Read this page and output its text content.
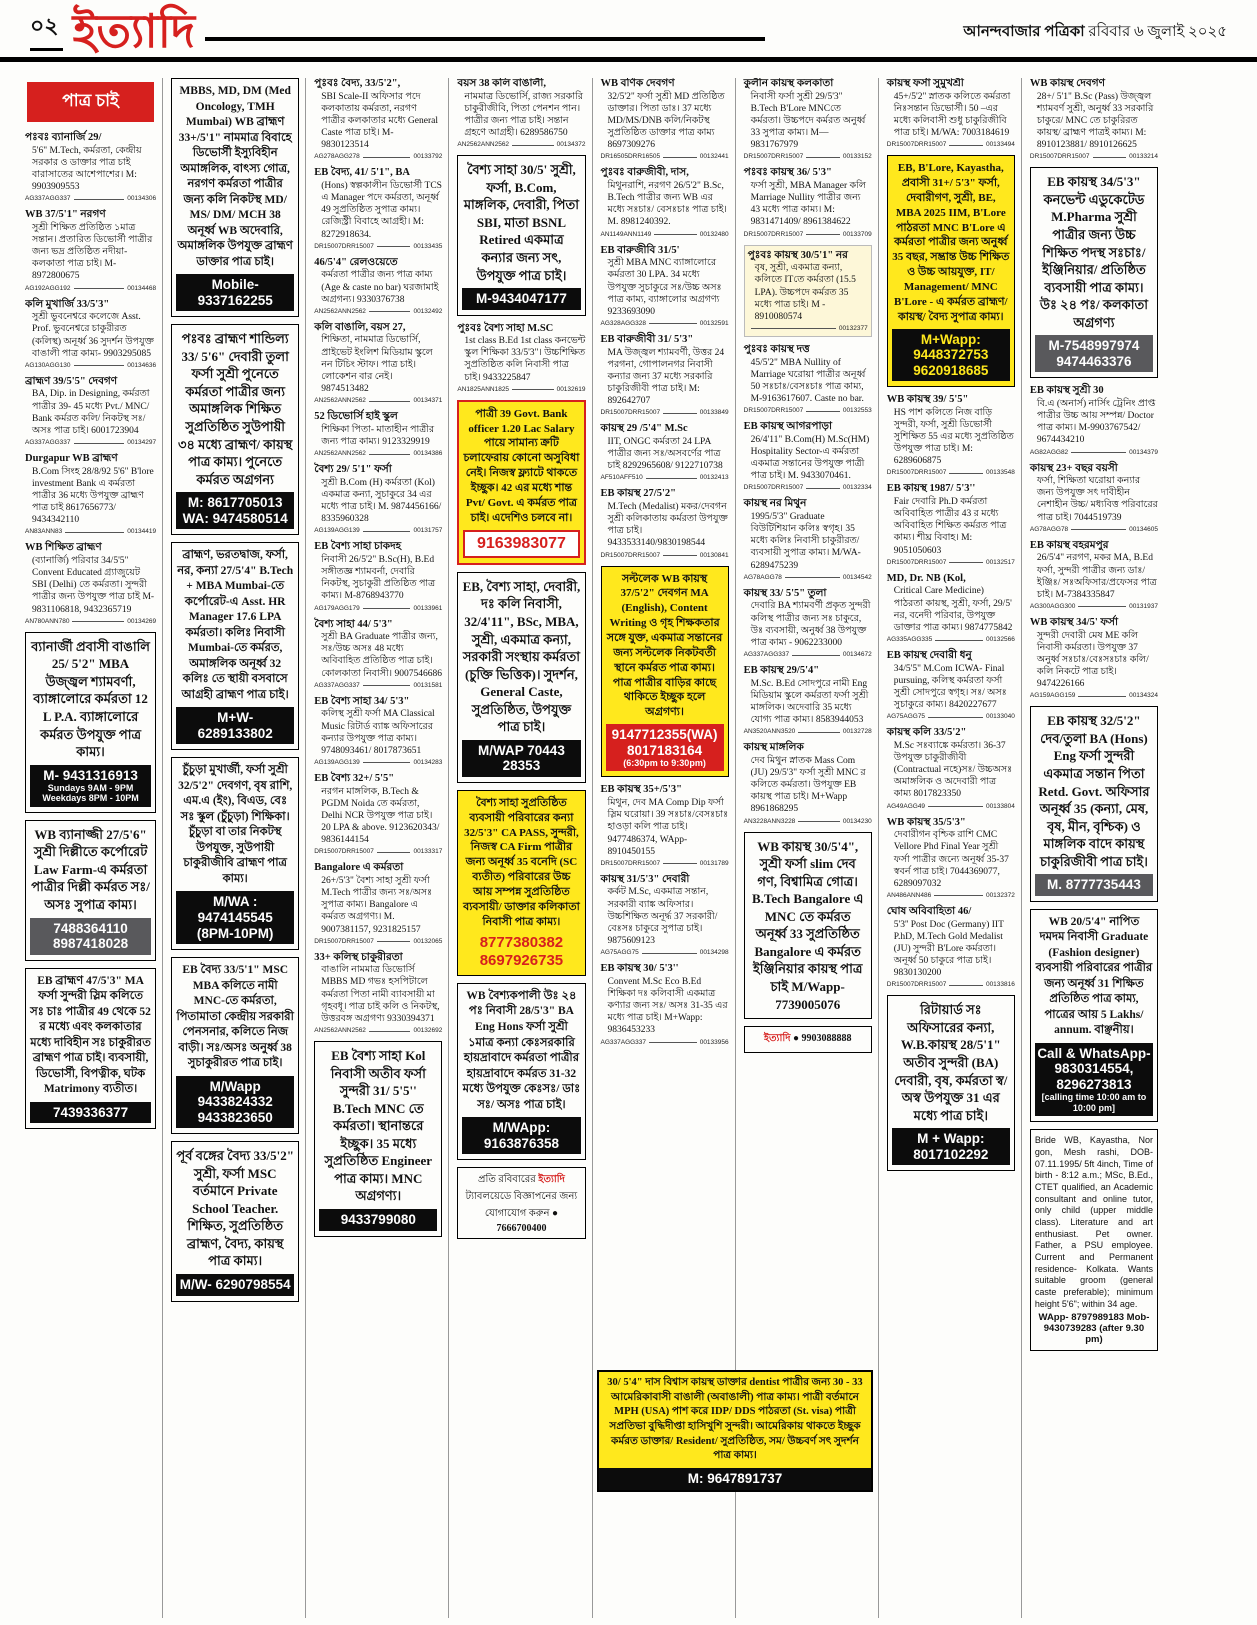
০২ ইত্যাদি	আনন্দবাজার পত্রিকা রবিবার ৬ জুলাই ২০২৫
পাত্র চাই
পঃবঃ ব্যানার্জি 29/
5'6" M.Tech, কর্মরতা, কেন্দ্রীয় সরকার ও ডাক্তার পাত্র চাই বারাসাতের আশেপাশের। M: 9903909553
AG337AGG337	00134306
WB 37/5'1" নরগণ
সুশ্রী শিক্ষিত প্রতিষ্ঠিত ১মাত্র সন্তান। প্রতারিত ডিভোর্সী পাত্রীর জন্য ভদ্র প্রতিষ্ঠিত নদীয়া-কলকাতা পাত্র চাই। M- 8972800675
AG192AGG192	00134468
কলি মুখার্জি 33/5'3"
সুশ্রী ভুবনেশ্বরে কলেজে Asst. Prof. ভুবনেশ্বরে চাকুরীরত (কলিস্থ) অনূর্ধ্ব 36 সুদর্শন উপযুক্ত বাঙালী পাত্র কাম্য- 9903295085
AG130AGG130	00134636
ব্রাহ্মণ 39/5'5" দেবগণ
BA, Dip. in Designing, কর্মরতা পাত্রীর 39- 45 মধ্যে Pvt./ MNC/ Bank কর্মরত কলি/ নিকটস্থ সঃ/ অসঃ পাত্র চাই। 6001723904
AG337AGG337	00134297
Durgapur WB ব্রাহ্মণ
B.Com সিংহ 28/8/92 5'6" B'lore investment Bank এ কর্মরতা পাত্রীর 36 মধ্যে উপযুক্ত ব্রাহ্মণ পাত্র চাই 8617656773/ 9434342110
AN83ANN83	00134419
WB শিক্ষিত ব্রাহ্মণ
(ব্যানার্জি) পরিবার 34/5'5" Convent Educated গ্র্যাজুয়েট SBI (Delhi) তে কর্মরতা। সুন্দরী পাত্রীর জন্য উপযুক্ত পাত্র চাই M-9831106818, 9432365719
AN780ANN780	00134269
ব্যানার্জী প্রবাসী বাঙালি 25/ 5'2" MBA উজ্জ্বল শ্যামবর্ণা, ব্যাঙ্গালোরে কর্মরতা 12 L P.A. ব্যাঙ্গালোরে কর্মরত উপযুক্ত পাত্র কাম্য।
M- 9431316913
Sundays 9AM - 9PM Weekdays 8PM - 10PM
WB ব্যানাজ্জী 27/5'6" সুশ্রী দিল্লীতে কর্পোরেট Law Farm-এ কর্মরতা পাত্রীর দিল্লী কর্মরত সঃ/অসঃ সুপাত্র কাম্য।
7488364110 8987418028
EB ব্রাহ্মণ 47/5'3" MA ফর্সা সুন্দরী স্লিম কলিতে সঃ চাঃ পাত্রীর 49 থেকে 52 র মধ্যে এবং কলকাতার মধ্যে দাবিহীন সঃ চাকুরীরত ব্রাহ্মণ পাত্র চাই। ব্যবসায়ী, ডিভোর্সী, বিপত্নীক, ঘটক Matrimony ব্যতীত।
7439336377
MBBS, MD, DM (Med Oncology, TMH Mumbai) WB ব্রাহ্মণ 33+/5'1" নামমাত্র বিবাহে ডিভোর্সী ইস্যুবিহীন অমাঙ্গলিক, বাৎস্য গোত্র, নরগণ কর্মরতা পাত্রীর জন্য কলি নিকটস্থ MD/ MS/ DM/ MCH 38 অনূর্ধ্ব WB অদেবারি, অমাঙ্গলিক উপযুক্ত ব্রাহ্মণ ডাক্তার পাত্র চাই।
Mobile- 9337162255
পঃবঃ ব্রাহ্মণ শান্ডিল্য 33/ 5'6" দেবারী তুলা ফর্সা সুশ্রী পুনেতে কর্মরতা পাত্রীর জন্য অমাঙ্গলিক শিক্ষিত সুপ্রতিষ্ঠিত সুউপায়ী ৩৪ মধ্যে ব্রাহ্মণ/ কায়স্থ পাত্র কাম্য। পুনেতে কর্মরত অগ্রগন্য
M: 8617705013 WA: 9474580514
ব্রাহ্মণ, ভরতদ্বাজ, ফর্সা, নর, কন্যা 27/5'4" B.Tech + MBA Mumbai-তে কর্পোরেট-এ Asst. HR Manager 17.6 LPA কর্মরতা। কলিঃ নিবাসী Mumbai-তে কর্মরত, অমাঙ্গলিক অনূর্ধ্ব 32 কলিঃ তে স্থায়ী বসবাসে আগ্রহী ব্রাহ্মণ পাত্র চাই।
M+W- 6289133802
চুঁচুড়া মুখার্জী, ফর্সা সুশ্রী 32/5'2" দেবগণ, বৃষ রাশি, এম.এ (ইং), বিএড, বেঃ সঃ স্কুল (চুঁচুড়া) শিক্ষিকা। চুঁচুড়া বা তার নিকটস্থ উপযুক্ত, সুউপায়ী চাকুরীজীবি ব্রাহ্মণ পাত্র কাম্য।
M/WA : 9474145545 (8PM-10PM)
EB বৈদ্য 33/5'1" MSC MBA কলিতে নামী MNC-তে কর্মরতা, পিতামাতা কেন্দ্রীয় সরকারী পেনসনার, কলিতে নিজ বাড়ী। সঃ/অসঃ অনুর্ধ্ব 38 সুচাকুরীরত পাত্র চাই।
M/Wapp 9433824332 9433823650
পূর্ব বঙ্গের বৈদ্য 33/5'2" সুশ্রী, ফর্সা MSC বর্তমানে Private School Teacher. শিক্ষিত, সুপ্রতিষ্ঠিত ব্রাহ্মণ, বৈদ্য, কায়স্থ পাত্র কাম্য।
M/W- 6290798554
পুঃবঃ বৈদ্য, 33/5'2",
SBI Scale-II অফিসার পদে কলকাতায় কর্মরতা, নরগণ পাত্রীর কলকাতার মধ্যে General Caste পাত্র চাই। M- 9830123514
AG278AGG278	00133792
EB বৈদ্য, 41/ 5'1", BA
(Hons) স্বল্পকালীন ডিভোর্সী TCS এ Manager পদে কর্মরতা, অনূর্ধ্ব 49 সুপ্রতিষ্ঠিত সুপাত্র কাম্য। রেজিস্ট্রী বিবাহে আগ্রহী। M: 8272918634.
DR15007DRR15007	00133435
46/5'4" রেলওয়েতে
কর্মরতা পাত্রীর জন্য পাত্র কাম্য (Age & caste no bar) ঘরজামাই অগ্রগন্য। 9330376738
AN2562ANN2562	00132492
কলি বাঙালি, বয়স 27,
শিক্ষিতা, নামমাত্র ডিভোর্সি, প্রাইভেট ইংলিশ মিডিয়াম স্কুলে নন টিচিং স্টাফ। পাত্র চাই। লোকেশন বার নেই। 9874513482
AN2562ANN2562	00134371
52 ডিভোর্সি হাই স্কুল
শিক্ষিকা পিতা- মাতাহীন পাত্রীর জন্য পাত্র কাম্য। 9123329919
AN2562ANN2562	00134386
বৈশ্য 29/ 5'1" ফর্সা
সুশ্রী B.Com (H) কর্মরতা (Kol) একমাত্র কন্যা, সুচাকুরে 34 এর মধ্যে পাত্র চাই। M. 9874456166/ 8335960328
AG139AGG139	00131757
EB বৈশ্য সাহা চাকদহ
নিবাসী 26/5'2" B.Sc(H), B.Ed সঙ্গীতজ্ঞ শ্যামবর্না, দেবারি নিকটস্থ, সুচাকুরী প্রতিষ্ঠিত পাত্র কাম্য। M-8768943770
AG179AGG179	00133961
বৈশ্য সাহা 44/ 5'3"
সুশ্রী BA Graduate পাত্রীর জন্য, সঃ/উচ্চ অসঃ 48 মধ্যে অবিবাহিত প্রতিষ্ঠিত পাত্র চাই। কোলকাতা নিবাসী। 9007546686
AG337AGG337	00131581
EB বৈশ্য সাহা 34/ 5'3"
কলিস্থ সুশ্রী ফর্সা MA Classical Music রিটার্ড ব্যাঙ্ক অফিসারের কন্যার উপযুক্ত পাত্র কাম্য। 9748093461/ 8017873651
AG139AGG139	00134283
EB বৈশ্য 32+/ 5'5"
নরগন মাঙ্গলিক, B.Tech & PGDM Noida তে কর্মরতা, Delhi NCR উপযুক্ত পাত্র চাই। 20 LPA & above. 9123620343/ 9836144154
DR15007DRR15007	00133317
Bangalore এ কর্মরতা
26+/5'3" বৈশ্য সাহা সুশ্রী ফর্সা M.Tech পাত্রীর জন্য সঃ/অসঃ সুপাত্র কাম্য। Bangalore এ কর্মরত অগ্রগণ্য। M. 9007381157, 9231825157
DR15007DRR15007	00132065
33+ কলিস্থ চাকুরীরতা
বাঙালি নামমাত্র ডিভোর্সি MBBS MD গভঃ হসপিটালে কর্মরতা পিতা নামী ব্যাবসায়ী মা গৃহবধূ। পাত্র চাই কলি ও নিকটস্থ, উত্তরবঙ্গ অগ্রগণ্য 9330394371
AN2562ANN2562	00132692
EB বৈশ্য সাহা Kol নিবাসী অতীব ফর্সা সুন্দরী 31/ 5'5'' B.Tech MNC তে কর্মরতা। স্থানান্তরে ইচ্ছুক। 35 মধ্যে সুপ্রতিষ্ঠিত Engineer পাত্র কাম্য। MNC অগ্রগণ্য।
9433799080
বয়স 38 কলি বাঙালী,
নামমাত্র ডিভোর্সি, রাজ্য সরকারি চাকুরীজীবি, পিতা পেনশন পান। পাত্রীর জন্য পাত্র চাই। সন্তান গ্রহণে আগ্রহী। 6289586750
AN2562ANN2562	00134372
বৈশ্য সাহা 30/5' সুশ্রী, ফর্সা, B.Com, মাঙ্গলিক, দেবারী, পিতা SBI, মাতা BSNL Retired একমাত্র কন্যার জন্য সৎ, উপযুক্ত পাত্র চাই।
M-9434047177
পুঃবঃ বৈশ্য সাহা M.SC
1st class B.Ed 1st class কনভেন্ট স্কুল শিক্ষিকা 33/5'3"। উচ্চশিক্ষিত সুপ্রতিষ্ঠিত কলি নিবাসী পাত্র চাই। 9433225847
AN1825ANN1825	00132619
পাত্রী 39 Govt. Bank officer 1.20 Lac Salary পায়ে সামান্য ক্রটি চলাফেরায় কোনো অসুবিধা নেই। নিজস্ব ফ্ল্যাটে থাকতে ইচ্ছুক। 42 এর মধ্যে শান্ত Pvt/ Govt. এ কর্মরত পাত্র চাই। এদেশিও চলবে না।
9163983077
EB, বৈশ্য সাহা, দেবারী, দঃ কলি নিবাসী, 32/4'11", BSc, MBA, সুশ্রী, একমাত্র কন্যা, সরকারী সংস্থায় কর্মরতা (চুক্তি ভিত্তিক)। সুদর্শন, General Caste, সুপ্রতিষ্ঠিত, উপযুক্ত পাত্র চাই।
M/WAP 70443 28353
বৈশ্য সাহা সুপ্রতিষ্ঠিত ব্যবসায়ী পরিবারের কন্যা 32/5'3" CA PASS, সুন্দরী, নিজস্ব CA Firm পাত্রীর জন্য অনূর্ধ্ব 35 বনেদি (SC ব্যতীত) পরিবারের উচ্চ আয় সম্পন্ন সুপ্রতিষ্ঠিত ব্যবসায়ী/ ডাক্তার কলিকাতা নিবাসী পাত্র কাম্য।
8777380382 8697926735
WB বৈশ্যকপালী উঃ ২৪ পঃ নিবাসী 28/5'3" BA Eng Hons ফর্সা সুশ্রী ১মাত্র কন্যা কেঃসরকারি হায়দ্রাবাদে কর্মরতা পাত্রীর হায়দ্রাবাদে কর্মরত 31-32 মধ্যে উপযুক্ত কেঃসঃ/ ডাঃ সঃ/ অসঃ পাত্র চাই।
M/WApp: 9163876358
প্রতি রবিবারের ইত্যাদি ট্যাবলয়েডে বিজ্ঞাপনের জন্য যোগাযোগ করুন ● 7666700400
WB বণিক দেবগণ
32/5'2" ফর্সা সুশ্রী MD প্রতিষ্ঠিত ডাক্তার। পিতা ডাঃ। 37 মধ্যে MD/MS/DNB কলি/নিকটস্থ সুপ্রতিষ্ঠিত ডাক্তার পাত্র কাম্য 8697309276
DR16505DRR16505	00132441
পুঃবঃ বারুজীবী, দাস,
মিথুনরাশি, নরগণ 26/5'2" B.Sc, B.Tech পাত্রীর জন্য WB এর মধ্যে সঃচাঃ/ বেসঃচাঃ পাত্র চাই। M. 8981240392.
AN1149ANN1149	00132480
EB বারুজীবি 31/5'
সুশ্রী MBA MNC ব্যাঙ্গালোরে কর্মরতা 30 LPA. 34 মধ্যে উপযুক্ত সুচাকুরে সঃ/উচ্চ অসঃ পাত্র কাম্য, ব্যাঙ্গালোর অগ্রগণ্য 9233693090
AG328AGG328	00132591
EB বারুজীবী 31/ 5'3"
MA উজ্জ্বল শ্যামবর্ণী, উত্তর 24 পরগনা, গোপালনগর নিবাসী কন্যার জন্য 37 মধ্যে সরকারি চাকুরিজীবী পাত্র চাই। M: 892642707
DR15007DRR15007	00133849
কায়স্থ 29 /5'4" M.Sc
IIT, ONGC কর্মরতা 24 LPA পাত্রীর জন্য সঃ/অসবর্ণের পাত্র চাই 8292965608/ 9122710738
AF510AFF510	00132413
EB কায়স্থ 27/5'2"
M.Tech (Medalist) মকর/দেবগন সুশ্রী কলিকাতায় কর্মরতা উপযুক্ত পাত্র চাই। 9433533140/9830198544
DR15007DRR15007	00130841
সল্টলেক WB কায়স্থ 37/5'2" দেবগন MA (English), Content Writing ও গৃহ শিক্ষকতার সঙ্গে যুক্ত, একমাত্র সন্তানের জন্য সল্টলেক নিকটবর্তী স্থানে কর্মরত পাত্র কাম্য। পাত্র পাত্রীর বাড়ির কাছে থাকিতে ইচ্ছুক হলে অগ্রগণ্য।
9147712355(WA) 8017183164
(6:30pm to 9:30pm)
EB কায়স্থ 35+/5'3"
মিথুন, দেব MA Comp Dip ফর্সা স্লিম ঘরোয়া। 39 সঃচাঃ/বেসঃচাঃ হাওড়া কলি পাত্র চাই। 9477486374, WApp- 8910450155
DR15007DRR15007	00131789
কায়স্থ 31/5'3" দেবারী
কর্কট M.Sc, একমাত্র সন্তান, সরকারী ব্যাঙ্ক অফিসার। উচ্চশিক্ষিত অনূর্দ্ধ 37 সরকারী/ বেঃসঃ চাকুরে সুপাত্র চাই। 9875609123
AG75AGG75	00134298
EB কায়স্থ 30/ 5'3''
Convent M.Sc Eco B.Ed শিক্ষিকা দঃ কলিবাসী একমাত্র কণ্যার জন্য সঃ/ অসঃ 31-35 এর মধ্যে পাত্র চাই। M+Wapp: 9836453233
AG337AGG337	00133956
কুলীন কায়স্থ কলকাতা
নিবাসী ফর্সা সুশ্রী 29/5'3" B.Tech B'Lore MNCতে কর্মরতা। উচ্চপদে কর্মরত অনুর্ধ্ব 33 সুপাত্র কাম্য। M—9831767979
DR15007DRR15007	00133152
পঃবঃ কায়স্থ 36/ 5'3"
ফর্সা সুশ্রী, MBA Manager কলি Marriage Nullity পাত্রীর জন্য 43 মধ্যে পাত্র কাম্য। M: 9831471409/ 8961384622
DR15007DRR15007	00133709
পুঃবঃ কায়স্থ 30/5'1" নর
বৃষ, সুশ্রী, একমাত্র কন্যা, কলিতে ITতে কর্মরতা (15.5 LPA). উচ্চপদে কর্মরত 35 মধ্যে পাত্র চাই। M - 8910080574
00132377
পুঃবঃ কায়স্থ দত্ত
45/5'2" MBA Nullity of Marriage ঘরোয়া পাত্রীর অনূর্ধ্ব 50 সঃচাঃ/বেসঃচাঃ পাত্র কাম্য, M-9163617607. Caste no bar.
DR15007DRR15007	00132553
EB কায়স্থ আগরপাড়া
26/4'11" B.Com(H) M.Sc(HM) Hospitality Sector-এ কর্মরতা একমাত্র সন্তানের উপযুক্ত পাত্রী পাত্র চাই। M. 9433070461.
DR15007DRR15007	00132334
কায়স্থ নর মিথুন
1995/5'3" Graduate বিউটিশিয়ান কলিঃ স্বগৃহ। 35 মধ্যে কলিঃ নিবাসী চাকুরীরত/ ব্যবসায়ী সুপাত্র কাম্য। M/WA-6289475239
AG78AGG78	00134542
কায়স্থ 33/ 5'5" তুলা
দেবারি BA শ্যামবর্ণী প্রকৃত সুন্দরী কলিস্থ পাত্রীর জন্য সঃ চাকুরে, উঃ ব্যবসায়ী, অনুর্ধ্ব 38 উপযুক্ত পাত্র কাম্য - 9062233000
AG337AGG337	00134672
EB কায়স্থ 29/5'4"
M.Sc. B.Ed সোদপুরে নামী Eng মিডিয়াম স্কুলে কর্মরতা ফর্সা সুশ্রী মাঙ্গলিক। অদেবারি 35 মধ্যে যোগ্য পাত্র কাম্য। 8583944053
AN3520ANN3520	00132728
কায়স্থ মাঙ্গলিক
দেব মিথুন স্নাতক Mass Com (JU) 29/5'3" ফর্সা সুশ্রী MNC র কলিতে কর্মরতা। উপযুক্ত EB কায়স্থ পাত্র চাই। M+Wapp 8961868295
AN3228ANN3228	00134230
WB কায়স্থ 30/5'4", সুশ্রী ফর্সা slim দেব গণ, বিশ্বামিত্র গোত্র। B.Tech Bangalore এ MNC তে কর্মরত অনূর্ধ্ব 33 সুপ্রতিষ্ঠিত Bangalore এ কর্মরত ইঞ্জিনিয়ার কায়স্থ পাত্র চাই M/Wapp- 7739005076
ইত্যাদি ● 9903088888
কায়স্থ ফর্সা সুমুখশ্রী
45+/5'2" স্নাতক কলিতে কর্মরতা নিঃসন্তান ডিভোর্সী। 50 –এর মধ্যে কলিবাসী শুধু চাকুরিজীবি পাত্র চাই। M/WA: 7003184619
DR15007DRR15007	00133494
EB, B'Lore, Kayastha, প্রবাসী 31+/ 5'3" ফর্সা, দেবারীগণ, সুশ্রী, BE, MBA 2025 IIM, B'Lore পাঠরতা MNC B'Lore এ কর্মরতা পাত্রীর জন্য অনুর্ধ্ব 35 বছর, সম্ভ্রান্ত উচ্চ শিক্ষিত ও উচ্চ আয়যুক্ত, IT/ Management/ MNC B'Lore - এ কর্মরত ব্রাহ্মণ/ কায়স্থ/ বৈদ্য সুপাত্র কাম্য।
M+Wapp: 9448372753 9620918685
WB কায়স্থ 39/ 5'5"
HS পাশ কলিতে নিজ বাড়ি সুন্দরী, ফর্সা, সুশ্রী ডিভোর্সী সুশিক্ষিত 55 এর মধ্যে সুপ্রতিষ্ঠিত উপযুক্ত পাত্র চাই। M: 6289606875
DR15007DRR15007	00133548
EB কায়স্থ 1987/ 5'3''
Fair দেবারি Ph.D কর্মরতা অবিবাহিত পাত্রীর 43 র মধ্যে অবিবাহিত শিক্ষিত কর্মরত পাত্র কাম্য। শীঘ্র বিবাহ। M: 9051050603
DR15007DRR15007	00132517
MD, Dr. NB (Kol,
Critical Care Medicine) পাঠরতা কায়স্থ, সুশ্রী, ফর্সা, 29/5' নর, বনেদী পরিবার, উপযুক্ত ডাক্তার পাত্র কাম্য। 9874775842
AG335AGG335	00132566
EB কায়স্থ দেবারী ধনু
34/5'5" M.Com ICWA- Final pursuing, কলিস্থ কর্মরতা ফর্সা সুশ্রী সোদপুরে স্বগৃহ। সঃ/ অসঃ সুচাকুরে কাম্য। 8420227677
AG75AGG75	00133040
কায়স্থ কলি 33/5'2"
M.Sc সঃব্যাঙ্কে কর্মরতা। 36-37 উপযুক্ত চাকুরীজীবী (Contractual নহে)সঃ/ উচ্চঅসঃ অমাঙ্গলিক ও অদেবারী পাত্র কাম্য 8017823350
AG49AGG49	00133804
WB কায়স্থ 35/5'3"
দেবারীগন বৃশ্চিক রাশি CMC Vellore Phd Final Year সুশ্রী ফর্সা পাত্রীর জন্যে অনূর্ধ্ব 35-37 স্ববর্ন পাত্র চাই। 7044369077, 6289097032
AN486ANN486	00132372
ঘোষ অবিবাহিতা 46/
5'3'' Post Doc (Germany) IIT P.hD, M.Tech Gold Medalist (JU) সুন্দরী B'Lore কর্মরতা। অনূর্ধ্ব 50 চাকুরে পাত্র চাই। 9830130200
DR15007DRR15007	00133816
রিটায়ার্ড সঃ অফিসারের কন্যা, W.B.কায়স্থ 28/5'1" অতীব সুন্দরী (BA) দেবারী, বৃষ, কর্মরতা স্ব/অস্ব উপযুক্ত 31 এর মধ্যে পাত্র চাই।
M + Wapp: 8017102292
WB কায়স্থ দেবগণ
28+/ 5'1" B.Sc (Pass) উজ্জ্বল শ্যামবর্ণ সুশ্রী, অনুর্ধ্ব 33 সরকারি চাকুরে/ MNC তে চাকুরিরত কায়স্থ/ ব্রাহ্মণ পাত্রই কাম্য। M: 8910123881/ 8910126625
DR15007DRR15007	00133214
EB কায়স্থ 34/5'3" কনভেন্ট এডুকেটেড M.Pharma সুশ্রী পাত্রীর জন্য উচ্চ শিক্ষিত পদস্থ সঃচাঃ/ইঞ্জিনিয়ার/ প্রতিষ্ঠিত ব্যবসায়ী পাত্র কাম্য। উঃ ২৪ পঃ/ কলকাতা অগ্রগণ্য
M-7548997974 9474463376
EB কায়স্থ সুশ্রী 30
বি.এ (অনার্স) নার্সিং ট্রেনিং প্রাপ্ত পাত্রীর উচ্চ আয় সম্পন্ন/ Doctor পাত্র কাম্য। M-9903767542/ 9674434210
AG82AGG82	00134379
কায়স্থ 23+ বছর বয়সী
ফর্সা, শিক্ষিতা ঘরোয়া কন্যার জন্য উপযুক্ত সৎ দাবীহীন নেশাহীন উচ্চ/ মধ্যবিত্ত পরিবারের পাত্র চাই। 7044519739
AG78AGG78	00134605
EB কায়স্থ বহরমপুর
26/5'4" নরগণ, মকর MA, B.Ed ফর্সা, সুন্দরী পাত্রীর জন্য ডাঃ/ইঞ্জিঃ/ সঃঅফিসার/প্রফেসর পাত্র চাই। M-7384335847
AG300AGG300	00131937
WB কায়স্থ 34/5' ফর্সা
সুন্দরী দেবারী মেষ ME কলি নিবাসী কর্মরতা। উপযুক্ত 37 অনুর্ধ্ব সঃচাঃ/বেঃসঃচাঃ কলি/কলি নিকটে পাত্র চাই। 9474226166
AG159AGG159	00134324
EB কায়স্থ 32/5'2" দেব/তুলা BA (Hons) Eng ফর্সা সুন্দরী একমাত্র সন্তান পিতা Retd. Govt. অফিসার অনূর্ধ্ব 35 (কন্যা, মেষ, বৃষ, মীন, বৃশ্চিক) ও মাঙ্গলিক বাদে কায়স্থ চাকুরিজীবী পাত্র চাই।
M. 8777735443
WB 20/5'4" নাপিত দমদম নিবাসী Graduate (Fashion designer) ব্যবসায়ী পরিবারের পাত্রীর জন্য অনূর্ধ্ব 31 শিক্ষিত প্রতিষ্ঠিত পাত্র কাম্য, পাত্রের আয় 5 Lakhs/ annum. বাঞ্ছনীয়।
Call & WhatsApp- 9830314554, 8296273813
[calling time 10:00 am to 10:00 pm]
Bride WB, Kayastha, Nor gon, Mesh rashi, DOB- 07.11.1995/ 5ft 4inch, Time of birth - 8:12 a.m.; MSc, B.Ed., CTET qualified, an Academic consultant and online tutor, only child (upper middle class). Literature and art enthusiast. Pet owner. Father, a PSU employee. Current and Permanent residence- Kolkata. Wants suitable groom (general caste preferable); minimum height 5'6"; within 34 age.
WApp- 8797989183 Mob- 9430739283 (after 9.30 pm)
30/ 5'4" দাস বিশ্বাস কায়স্থ ডাক্তার dentist পাত্রীর জন্য 30 - 33 আমেরিকাবাসী বাঙালী (অবাঙালী) পাত্র কাম্য। পাত্রী বর্তমানে MPH (USA) পাশ করে IDP/ DDS পাঠরতা (St. visa) পাত্রী সপ্রতিভা বুদ্ধিদীপ্তা হাসিখুশি সুন্দরী। আমেরিকায় থাকতে ইচ্ছুক কর্মরত ডাক্তার/ Resident/ সুপ্রতিষ্ঠিত, সম/ উচ্চবর্ণ সৎ সুদর্শন পাত্র কাম্য।
M: 9647891737
